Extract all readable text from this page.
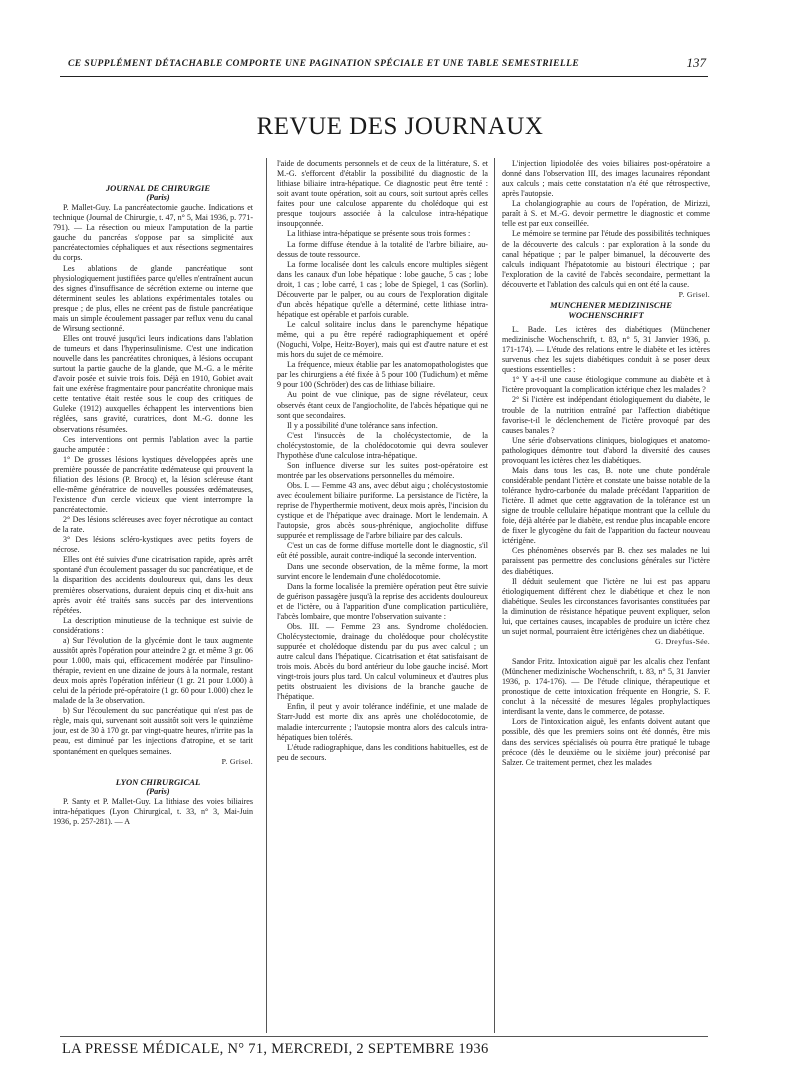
CE SUPPLÉMENT DÉTACHABLE COMPORTE UNE PAGINATION SPÉCIALE ET UNE TABLE SEMESTRIELLE	137
REVUE DES JOURNAUX

JOURNAL DE CHIRURGIE

(Paris)

P. Mallet-Guy. La pancréatectomie gauche. Indications et technique (Journal de Chirurgie, t. 47, n° 5, Mai 1936, p. 771-791). — La résection ou mieux l'amputation de la partie gauche du pancréas s'oppose par sa simplicité aux pancréatectomies céphaliques et aux résections segmentaires du corps.

Les ablations de glande pancréatique sont physiologiquement justifiées parce qu'elles n'entraînent aucun des signes d'insuffisance de sécrétion externe ou interne que déterminent seules les ablations expérimentales totales ou presque ; de plus, elles ne créent pas de fistule pancréatique mais un simple écoulement passager par reflux venu du canal de Wirsung sectionné.

Elles ont trouvé jusqu'ici leurs indications dans l'ablation de tumeurs et dans l'hyperinsulinisme. C'est une indication nouvelle dans les pancréatites chroniques, à lésions occupant surtout la partie gauche de la glande, que M.-G. a le mérite d'avoir posée et suivie trois fois. Déjà en 1910, Gobiet avait fait une exérèse fragmentaire pour pancréatite chronique mais cette tentative était restée sous le coup des critiques de Guleke (1912) auxquelles échappent les interventions bien réglées, sans gravité, curatrices, dont M.-G. donne les observations résumées.

Ces interventions ont permis l'ablation avec la partie gauche amputée :

1° De grosses lésions kystiques développées après une première poussée de pancréatite œdémateuse qui prouvent la filiation des lésions (P. Brocq) et, la lésion scléreuse étant elle-même génératrice de nouvelles poussées œdémateuses, l'existence d'un cercle vicieux que vient interrompre la pancréatectomie.

2° Des lésions scléreuses avec foyer nécrotique au contact de la rate.

3° Des lésions scléro-kystiques avec petits foyers de nécrose.

Elles ont été suivies d'une cicatrisation rapide, après arrêt spontané d'un écoulement passager du suc pancréatique, et de la disparition des accidents douloureux qui, dans les deux premières observations, duraient depuis cinq et dix-huit ans après avoir été traités sans succès par des interventions répétées.

La description minutieuse de la technique est suivie de considérations :

a) Sur l'évolution de la glycémie dont le taux augmente aussitôt après l'opération pour atteindre 2 gr. et même 3 gr. 06 pour 1.000, mais qui, efficacement modérée par l'insulino-thérapie, revient en une dizaine de jours à la normale, restant deux mois après l'opération inférieur (1 gr. 21 pour 1.000) à celui de la période pré-opératoire (1 gr. 60 pour 1.000) chez le malade de la 3e observation.

b) Sur l'écoulement du suc pancréatique qui n'est pas de règle, mais qui, survenant soit aussitôt soit vers le quinzième jour, est de 30 à 170 gr. par vingt-quatre heures, n'irrite pas la peau, est diminué par les injections d'atropine, et se tarit spontanément en quelques semaines.

P. Grisel.

LYON CHIRURGICAL

(Paris)

P. Santy et P. Mallet-Guy. La lithiase des voies biliaires intra-hépatiques (Lyon Chirurgical, t. 33, n° 3, Mai-Juin 1936, p. 257-281). — A

l'aide de documents personnels et de ceux de la littérature, S. et M.-G. s'efforcent d'établir la possibilité du diagnostic de la lithiase biliaire intra-hépatique. Ce diagnostic peut être tenté : soit avant toute opération, soit au cours, soit surtout après celles faites pour une calculose apparente du cholédoque qui est presque toujours associée à la calculose intra-hépatique insoupçonnée.

La lithiase intra-hépatique se présente sous trois formes :

La forme diffuse étendue à la totalité de l'arbre biliaire, au-dessus de toute ressource.

La forme localisée dont les calculs encore multiples siègent dans les canaux d'un lobe hépatique : lobe gauche, 5 cas ; lobe droit, 1 cas ; lobe carré, 1 cas ; lobe de Spiegel, 1 cas (Sorlin). Découverte par le palper, ou au cours de l'exploration digitale d'un abcès hépatique qu'elle a déterminé, cette lithiase intra-hépatique est opérable et parfois curable.

Le calcul solitaire inclus dans le parenchyme hépatique même, qui a pu être repéré radiographiquement et opéré (Noguchi, Volpe, Heitz-Boyer), mais qui est d'autre nature et est mis hors du sujet de ce mémoire.

La fréquence, mieux établie par les anatomopathologistes que par les chirurgiens a été fixée à 5 pour 100 (Tudichum) et même 9 pour 100 (Schröder) des cas de lithiase biliaire.

Au point de vue clinique, pas de signe révélateur, ceux observés étant ceux de l'angiocholite, de l'abcès hépatique qui ne sont que secondaires.

Il y a possibilité d'une tolérance sans infection.

C'est l'insuccès de la cholécystectomie, de la cholécystostomie, de la cholédocotomie qui devra soulever l'hypothèse d'une calculose intra-hépatique.

Son influence diverse sur les suites post-opératoire est montrée par les observations personnelles du mémoire.

Obs. I. — Femme 43 ans, avec début aigu ; cholécystostomie avec écoulement biliaire puriforme. La persistance de l'ictère, la reprise de l'hyperthermie motivent, deux mois après, l'incision du cystique et de l'hépatique avec drainage. Mort le lendemain. A l'autopsie, gros abcès sous-phrénique, angiocholite diffuse suppurée et remplissage de l'arbre biliaire par des calculs.

C'est un cas de forme diffuse mortelle dont le diagnostic, s'il eût été possible, aurait contre-indiqué la seconde intervention.

Dans une seconde observation, de la même forme, la mort survint encore le lendemain d'une cholédocotomie.

Dans la forme localisée la première opération peut être suivie de guérison passagère jusqu'à la reprise des accidents douloureux et de l'ictère, ou à l'apparition d'une complication particulière, l'abcès lombaire, que montre l'observation suivante :

Obs. III. — Femme 23 ans. Syndrome cholédocien. Cholécystectomie, drainage du cholédoque pour cholécystite suppurée et cholédoque distendu par du pus avec calcul ; un autre calcul dans l'hépatique. Cicatrisation et état satisfaisant de trois mois. Abcès du bord antérieur du lobe gauche incisé. Mort vingt-trois jours plus tard. Un calcul volumineux et d'autres plus petits obstruaient les divisions de la branche gauche de l'hépatique.

Enfin, il peut y avoir tolérance indéfinie, et une malade de Starr-Judd est morte dix ans après une cholédocotomie, de maladie intercurrente ; l'autopsie montra alors des calculs intra-hépatiques bien tolérés.

L'étude radiographique, dans les conditions habituelles, est de peu de secours.

L'injection lipiodolée des voies biliaires post-opératoire a donné dans l'observation III, des images lacunaires répondant aux calculs ; mais cette constatation n'a été que rétrospective, après l'autopsie.

La cholangiographie au cours de l'opération, de Mirizzi, paraît à S. et M.-G. devoir permettre le diagnostic et comme telle est par eux conseillée.

Le mémoire se termine par l'étude des possibilités techniques de la découverte des calculs : par exploration à la sonde du canal hépatique ; par le palper bimanuel, la découverte des calculs indiquant l'hépatotomie au bistouri électrique ; par l'exploration de la cavité de l'abcès secondaire, permettant la découverte et l'ablation des calculs qui en ont été la cause.

P. Grisel.

MUNCHENER MEDIZINISCHE WOCHENSCHRIFT

L. Bade. Les ictères des diabétiques (Münchener medizinische Wochenschrift, t. 83, n° 5, 31 Janvier 1936, p. 171-174). — L'étude des relations entre le diabète et les ictères survenus chez les sujets diabétiques conduit à se poser deux questions essentielles :

1° Y a-t-il une cause étiologique commune au diabète et à l'ictère provoquant la complication ictérique chez les malades ?

2° Si l'ictère est indépendant étiologiquement du diabète, le trouble de la nutrition entraîné par l'affection diabétique favorise-t-il le déclenchement de l'ictère provoqué par des causes banales ?

Une série d'observations cliniques, biologiques et anatomo-pathologiques démontre tout d'abord la diversité des causes provoquant les ictères chez les diabétiques.

Mais dans tous les cas, B. note une chute pondérale considérable pendant l'ictère et constate une baisse notable de la tolérance hydro-carbonée du malade précédant l'apparition de l'ictère. Il admet que cette aggravation de la tolérance est un signe de trouble cellulaire hépatique montrant que la cellule du foie, déjà altérée par le diabète, est rendue plus incapable encore de fixer le glycogène du fait de l'apparition du facteur nouveau ictérigène.

Ces phénomènes observés par B. chez ses malades ne lui paraissent pas permettre des conclusions générales sur l'ictère des diabétiques.

Il déduit seulement que l'ictère ne lui est pas apparu étiologiquement différent chez le diabétique et chez le non diabétique. Seules les circonstances favorisantes constituées par la diminution de résistance hépatique peuvent expliquer, selon lui, que certaines causes, incapables de produire un ictère chez un sujet normal, pourraient être ictérigènes chez un diabétique.

G. Dreyfus-Sée.

Sandor Fritz. Intoxication aiguë par les alcalis chez l'enfant (Münchener medizinische Wochenschrift, t. 83, n° 5, 31 Janvier 1936, p. 174-176). — De l'étude clinique, thérapeutique et pronostique de cette intoxication fréquente en Hongrie, S. F. conclut à la nécessité de mesures légales prophylactiques interdisant la vente, dans le commerce, de potasse.

Lors de l'intoxication aiguë, les enfants doivent autant que possible, dès que les premiers soins ont été donnés, être mis dans des services spécialisés où pourra être pratiqué le tubage précoce (dès le deuxième ou le sixième jour) préconisé par Salzer. Ce traitement permet, chez les malades

LA PRESSE MÉDICALE, N° 71, MERCREDI, 2 SEPTEMBRE 1936
